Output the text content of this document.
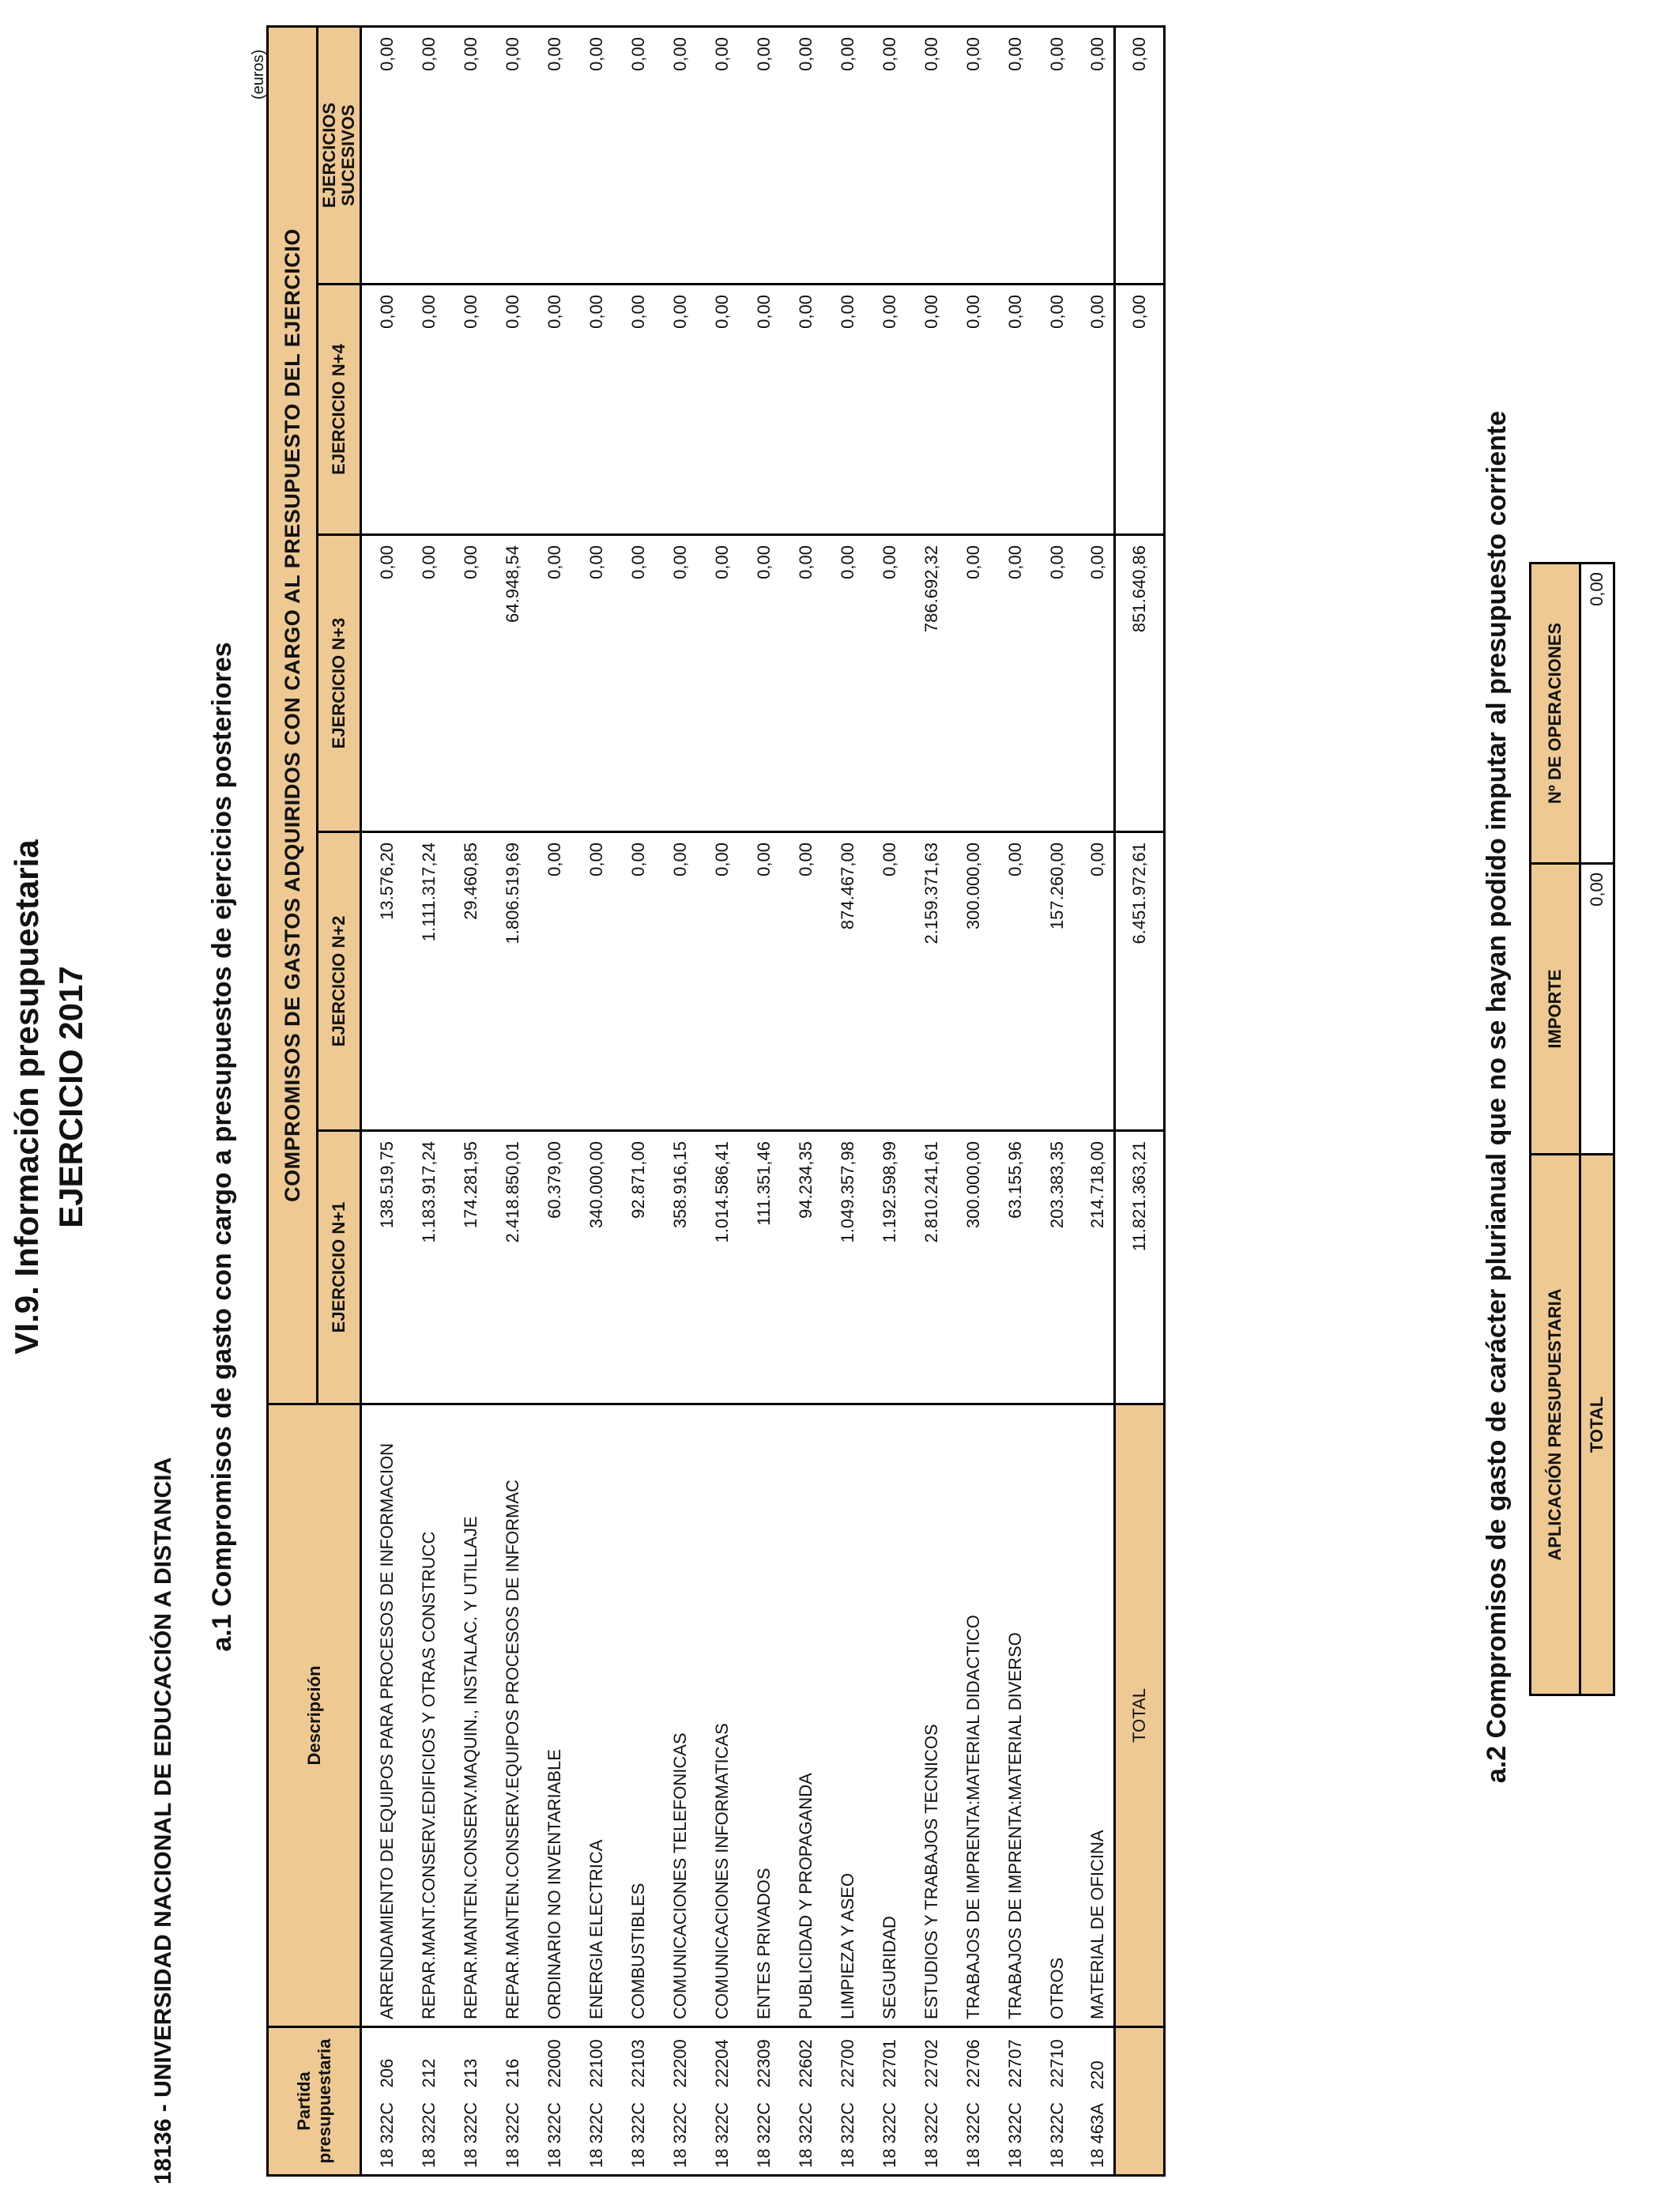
VI.9. Información presupuestaria EJERCICIO 2017
18136 - UNIVERSIDAD NACIONAL DE EDUCACIÓN A DISTANCIA
a.1 Compromisos de gasto con cargo a presupuestos de ejercicios posteriores
(euros)
Partida presupuestaria	Descripción	COMPROMISOS DE GASTOS ADQUIRIDOS CON CARGO AL PRESUPUESTO DEL EJERCICIO				
		EJERCICIO N+1	EJERCICIO N+2	EJERCICIO N+3	EJERCICIO N+4	EJERCICIOS SUCESIVOS

18 322C   206	ARRENDAMIENTO DE EQUIPOS PARA PROCESOS DE INFORMACION	138.519,75	13.576,20	0,00	0,00	0,00
18 322C   212	REPAR.MANT.CONSERV.EDIFICIOS Y OTRAS CONSTRUCC	1.183.917,24	1.111.317,24	0,00	0,00	0,00
18 322C   213	REPAR.MANTEN.CONSERV.MAQUIN., INSTALAC. Y UTILLAJE	174.281,95	29.460,85	0,00	0,00	0,00
18 322C   216	REPAR.MANTEN.CONSERV.EQUIPOS PROCESOS DE INFORMAC	2.418.850,01	1.806.519,69	64.948,54	0,00	0,00
18 322C   22000	ORDINARIO NO INVENTARIABLE	60.379,00	0,00	0,00	0,00	0,00
18 322C   22100	ENERGIA ELECTRICA	340.000,00	0,00	0,00	0,00	0,00
18 322C   22103	COMBUSTIBLES	92.871,00	0,00	0,00	0,00	0,00
18 322C   22200	COMUNICACIONES TELEFONICAS	358.916,15	0,00	0,00	0,00	0,00
18 322C   22204	COMUNICACIONES INFORMATICAS	1.014.586,41	0,00	0,00	0,00	0,00
18 322C   22309	ENTES PRIVADOS	111.351,46	0,00	0,00	0,00	0,00
18 322C   22602	PUBLICIDAD Y PROPAGANDA	94.234,35	0,00	0,00	0,00	0,00
18 322C   22700	LIMPIEZA Y ASEO	1.049.357,98	874.467,00	0,00	0,00	0,00
18 322C   22701	SEGURIDAD	1.192.598,99	0,00	0,00	0,00	0,00
18 322C   22702	ESTUDIOS Y TRABAJOS TECNICOS	2.810.241,61	2.159.371,63	786.692,32	0,00	0,00
18 322C   22706	TRABAJOS DE IMPRENTA:MATERIAL DIDACTICO	300.000,00	300.000,00	0,00	0,00	0,00
18 322C   22707	TRABAJOS DE IMPRENTA:MATERIAL DIVERSO	63.155,96	0,00	0,00	0,00	0,00
18 322C   22710	OTROS	203.383,35	157.260,00	0,00	0,00	0,00
18 463A   220	MATERIAL DE OFICINA	214.718,00	0,00	0,00	0,00	0,00
	TOTAL	11.821.363,21	6.451.972,61	851.640,86	0,00	0,00
a.2 Compromisos de gasto de carácter plurianual que no se hayan podido imputar al presupuesto corriente APLICACIÓN PRESUPUESTARIA	IMPORTE	Nº DE OPERACIONES
TOTAL	0,00	0,00
